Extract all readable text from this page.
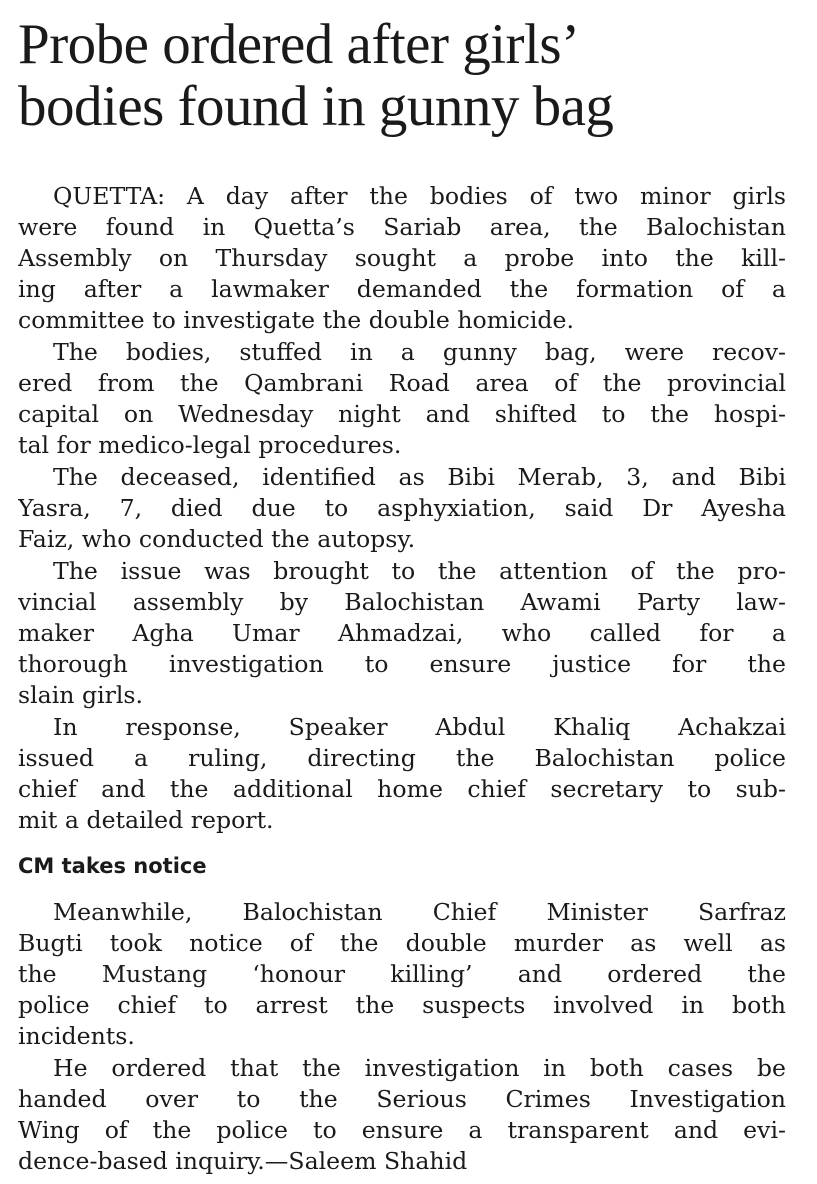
Probe ordered after girls’
bodies found in gunny bag
QUETTA: A day after the bodies of two minor girls
were found in Quetta’s Sariab area, the Balochistan
Assembly on Thursday sought a probe into the kill-
ing after a lawmaker demanded the formation of a
committee to investigate the double homicide.
The bodies, stuffed in a gunny bag, were recov-
ered from the Qambrani Road area of the provincial
capital on Wednesday night and shifted to the hospi-
tal for medico-legal procedures.
The deceased, identified as Bibi Merab, 3, and Bibi
Yasra, 7, died due to asphyxiation, said Dr Ayesha
Faiz, who conducted the autopsy.
The issue was brought to the attention of the pro-
vincial assembly by Balochistan Awami Party law-
maker Agha Umar Ahmadzai, who called for a
thorough investigation to ensure justice for the
slain girls.
In response, Speaker Abdul Khaliq Achakzai
issued a ruling, directing the Balochistan police
chief and the additional home chief secretary to sub-
mit a detailed report.
CM takes notice
Meanwhile, Balochistan Chief Minister Sarfraz
Bugti took notice of the double murder as well as
the Mustang ‘honour killing’ and ordered the
police chief to arrest the suspects involved in both
incidents.
He ordered that the investigation in both cases be
handed over to the Serious Crimes Investigation
Wing of the police to ensure a transparent and evi-
dence-based inquiry.—Saleem Shahid
